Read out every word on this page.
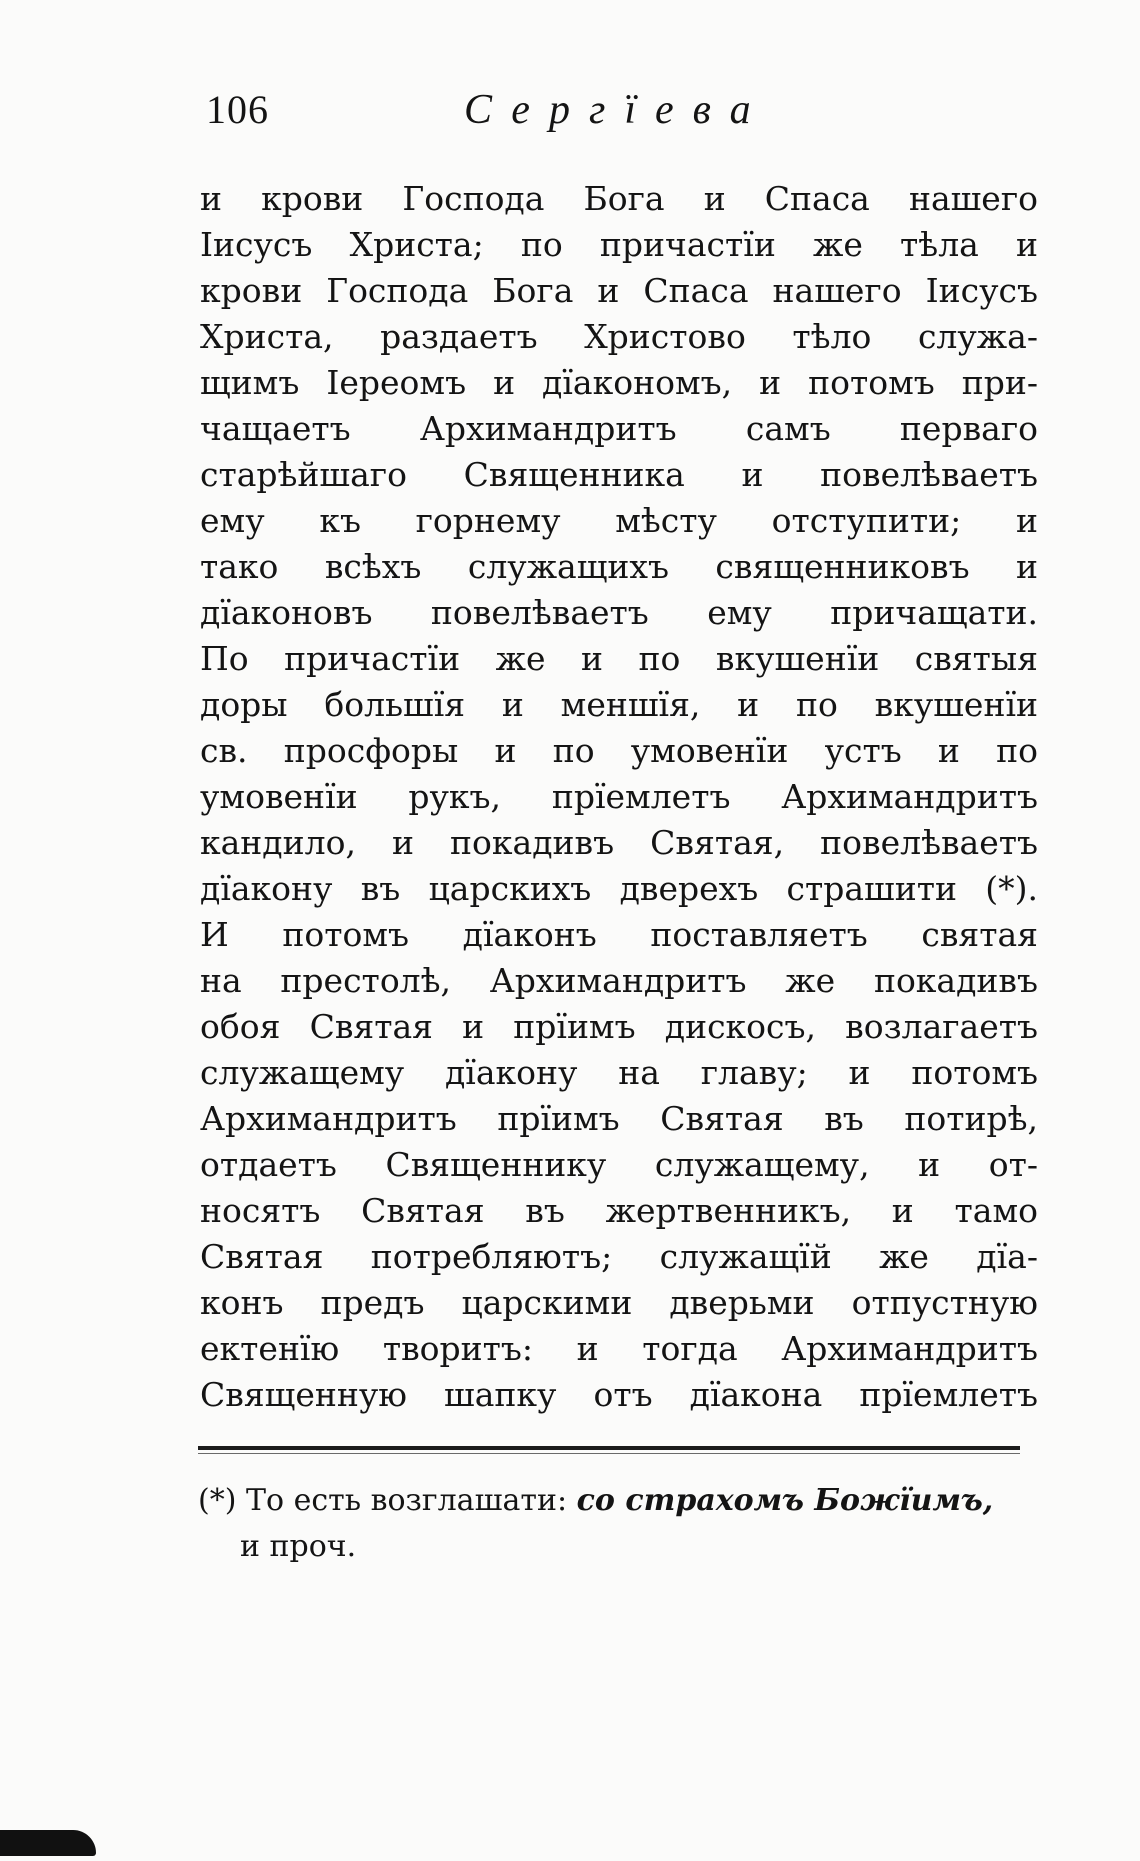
106	Сергїева
и крови Господа Бога и Спаса нашего
Іисусъ Христа; по причастїи же тѣла и
крови Господа Бога и Спаса нашего Іисусъ
Христа, раздаетъ Христово тѣло служа-
щимъ Іереомъ и дїакономъ, и потомъ при-
чащаетъ Архимандритъ самъ перваго
старѣйшаго Священника и повелѣваетъ
ему къ горнему мѣсту отступити; и
тако всѣхъ служащихъ священниковъ и
дїаконовъ повелѣваетъ ему причащати.
По причастїи же и по вкушенїи святыя
доры большїя и меншїя, и по вкушенїи
св. просфоры и по умовенїи устъ и по
умовенїи рукъ, прїемлетъ Архимандритъ
кандило, и покадивъ Святая, повелѣваетъ
дїакону въ царскихъ дверехъ страшити (*).
И потомъ дїаконъ поставляетъ святая
на престолѣ, Архимандритъ же покадивъ
обоя Святая и прїимъ дискосъ, возлагаетъ
служащему дїакону на главу; и потомъ
Архимандритъ прїимъ Святая въ потирѣ,
отдаетъ Священнику служащему, и от-
носятъ Святая въ жертвенникъ, и тамо
Святая потребляютъ; служащїй же дїа-
конъ предъ царскими дверьми отпустную
ектенїю творитъ: и тогда Архимандритъ
Священную шапку отъ дїакона прїемлетъ
(*) То есть возглашати: со страхомъ Божїимъ,
и проч.
